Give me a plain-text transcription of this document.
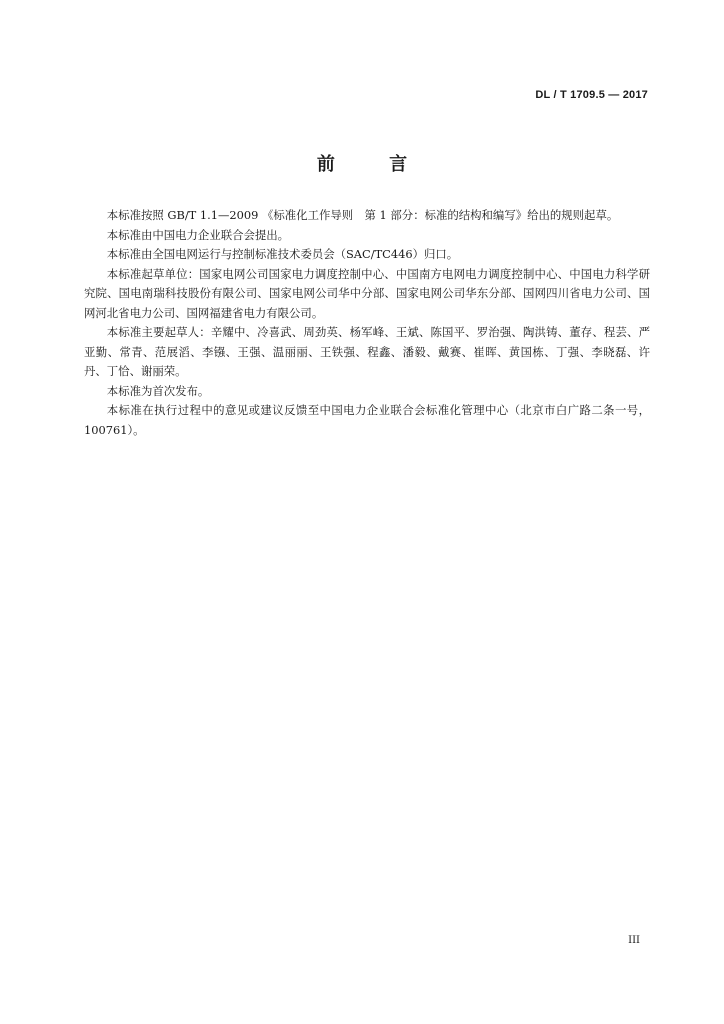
DL / T 1709.5 — 2017
前 言

本标准按照 GB/T 1.1—2009 《标准化工作导则　第 1 部分：标准的结构和编写》给出的规则起草。

本标准由中国电力企业联合会提出。

本标准由全国电网运行与控制标准技术委员会（SAC/TC446）归口。

本标准起草单位：国家电网公司国家电力调度控制中心、中国南方电网电力调度控制中心、中国电力科学研究院、国电南瑞科技股份有限公司、国家电网公司华中分部、国家电网公司华东分部、国网四川省电力公司、国网河北省电力公司、国网福建省电力有限公司。

本标准主要起草人：辛耀中、冷喜武、周劲英、杨军峰、王斌、陈国平、罗治强、陶洪铸、董存、程芸、严亚勤、常青、范展滔、李镪、王强、温丽丽、王铁强、程鑫、潘毅、戴赛、崔晖、黄国栋、丁强、李晓磊、许丹、丁恰、谢丽荣。

本标准为首次发布。

本标准在执行过程中的意见或建议反馈至中国电力企业联合会标准化管理中心（北京市白广路二条一号，100761）。

III
